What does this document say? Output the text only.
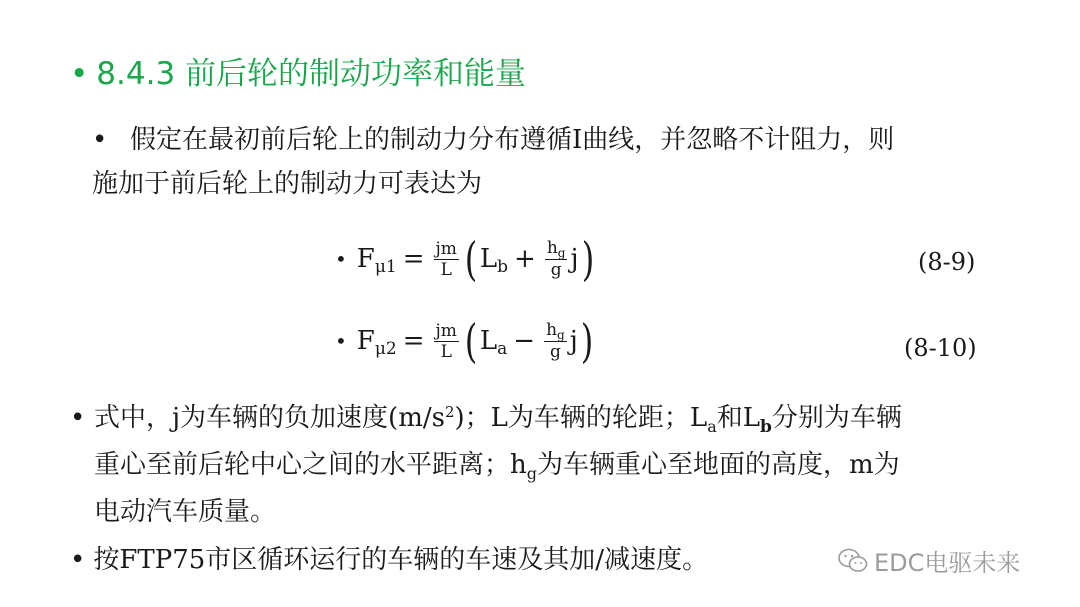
• 8.4.3 前后轮的制动功率和能量
• 假定在最初前后轮上的制动力分布遵循I曲线，并忽略不计阻力，则
施加于前后轮上的制动力可表达为
• F $\mu 1 = \frac{jm}{L}$ ( L $b + \frac{h_g}{g}$ j )	(8-9)
• F $\mu 2 = \frac{jm}{L}$ ( L $a - \frac{h_g}{g}$ j )	(8-10)
• 式中，j为车辆的负加速度$(m/s^2)$；L为车辆的轮距；$L_a$和$L_b$分别为车辆
重心至前后轮中心之间的水平距离；$h_g$为车辆重心至地面的高度，m为
电动汽车质量。
• 按FTP75市区循环运行的车辆的车速及其加/减速度。	EDC电驱未来
